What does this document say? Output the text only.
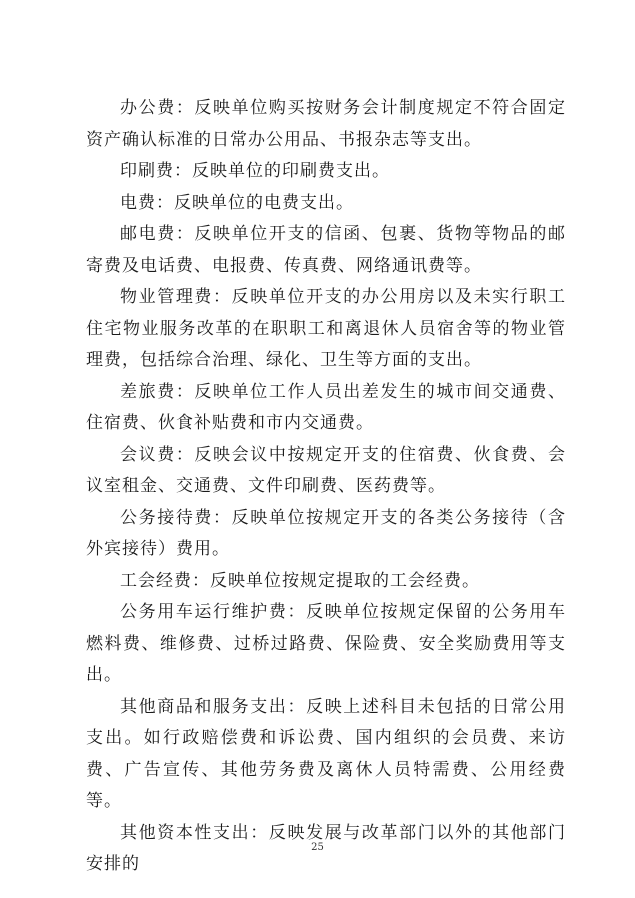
办公费：反映单位购买按财务会计制度规定不符合固定资产确认标准的日常办公用品、书报杂志等支出。

印刷费：反映单位的印刷费支出。

电费：反映单位的电费支出。

邮电费：反映单位开支的信函、包裹、货物等物品的邮寄费及电话费、电报费、传真费、网络通讯费等。

物业管理费：反映单位开支的办公用房以及未实行职工住宅物业服务改革的在职职工和离退休人员宿舍等的物业管理费，包括综合治理、绿化、卫生等方面的支出。

差旅费：反映单位工作人员出差发生的城市间交通费、住宿费、伙食补贴费和市内交通费。

会议费：反映会议中按规定开支的住宿费、伙食费、会议室租金、交通费、文件印刷费、医药费等。

公务接待费：反映单位按规定开支的各类公务接待（含外宾接待）费用。

工会经费：反映单位按规定提取的工会经费。

公务用车运行维护费：反映单位按规定保留的公务用车燃料费、维修费、过桥过路费、保险费、安全奖励费用等支出。

其他商品和服务支出：反映上述科目未包括的日常公用支出。如行政赔偿费和诉讼费、国内组织的会员费、来访费、广告宣传、其他劳务费及离休人员特需费、公用经费等。

其他资本性支出：反映发展与改革部门以外的其他部门安排的

25
